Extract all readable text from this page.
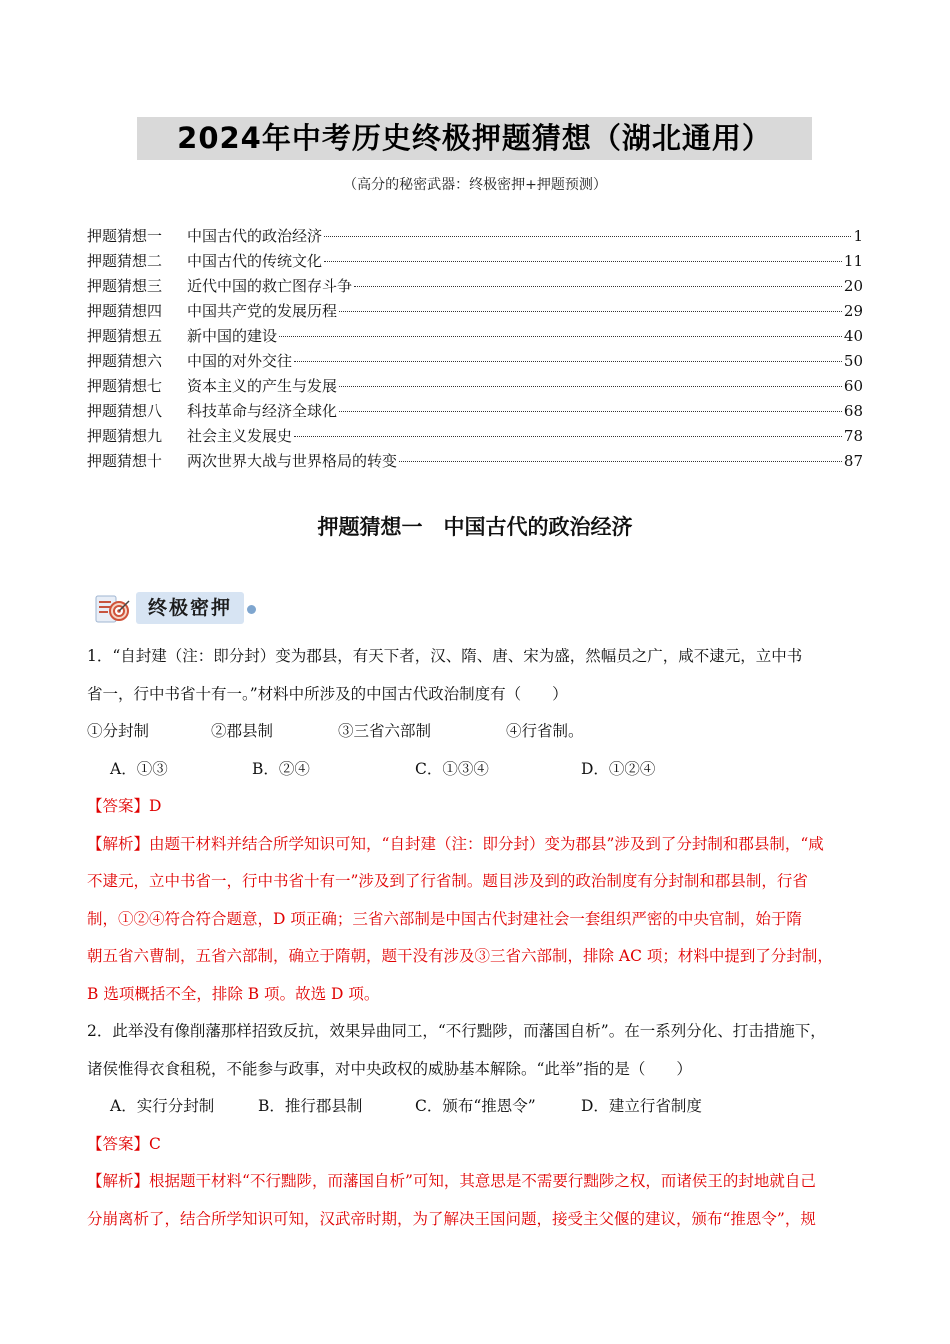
2024年中考历史终极押题猜想（湖北通用）
（高分的秘密武器：终极密押+押题预测）
押题猜想一	中国古代的政治经济	1
押题猜想二	中国古代的传统文化	11
押题猜想三	近代中国的救亡图存斗争	20
押题猜想四	中国共产党的发展历程	29
押题猜想五	新中国的建设	40
押题猜想六	中国的对外交往	50
押题猜想七	资本主义的产生与发展	60
押题猜想八	科技革命与经济全球化	68
押题猜想九	社会主义发展史	78
押题猜想十	两次世界大战与世界格局的转变	87
押题猜想一　中国古代的政治经济
终极密押

1．“自封建（注：即分封）变为郡县，有天下者，汉、隋、唐、宋为盛，然幅员之广，咸不逮元，立中书

省一，行中书省十有一。”材料中所涉及的中国古代政治制度有（　　）

①分封制	②郡县制	③三省六部制	④行省制。
A．①③	B．②④	C．①③④	D．①②④

【答案】D

【解析】由题干材料并结合所学知识可知，“自封建（注：即分封）变为郡县”涉及到了分封制和郡县制，“咸

不逮元，立中书省一，行中书省十有一”涉及到了行省制。题目涉及到的政治制度有分封制和郡县制，行省

制，①②④符合符合题意，D 项正确；三省六部制是中国古代封建社会一套组织严密的中央官制，始于隋

朝五省六曹制，五省六部制，确立于隋朝，题干没有涉及③三省六部制，排除 AC 项；材料中提到了分封制，

B 选项概括不全，排除 B 项。故选 D 项。

2．此举没有像削藩那样招致反抗，效果异曲同工，“不行黜陟，而藩国自析”。在一系列分化、打击措施下，

诸侯惟得衣食租税，不能参与政事，对中央政权的威胁基本解除。“此举”指的是（　　）

A．实行分封制	B．推行郡县制	C．颁布“推恩令”	D．建立行省制度

【答案】C

【解析】根据题干材料“不行黜陟，而藩国自析”可知，其意思是不需要行黜陟之权，而诸侯王的封地就自己

分崩离析了，结合所学知识可知，汉武帝时期，为了解决王国问题，接受主父偃的建议，颁布“推恩令”，规
